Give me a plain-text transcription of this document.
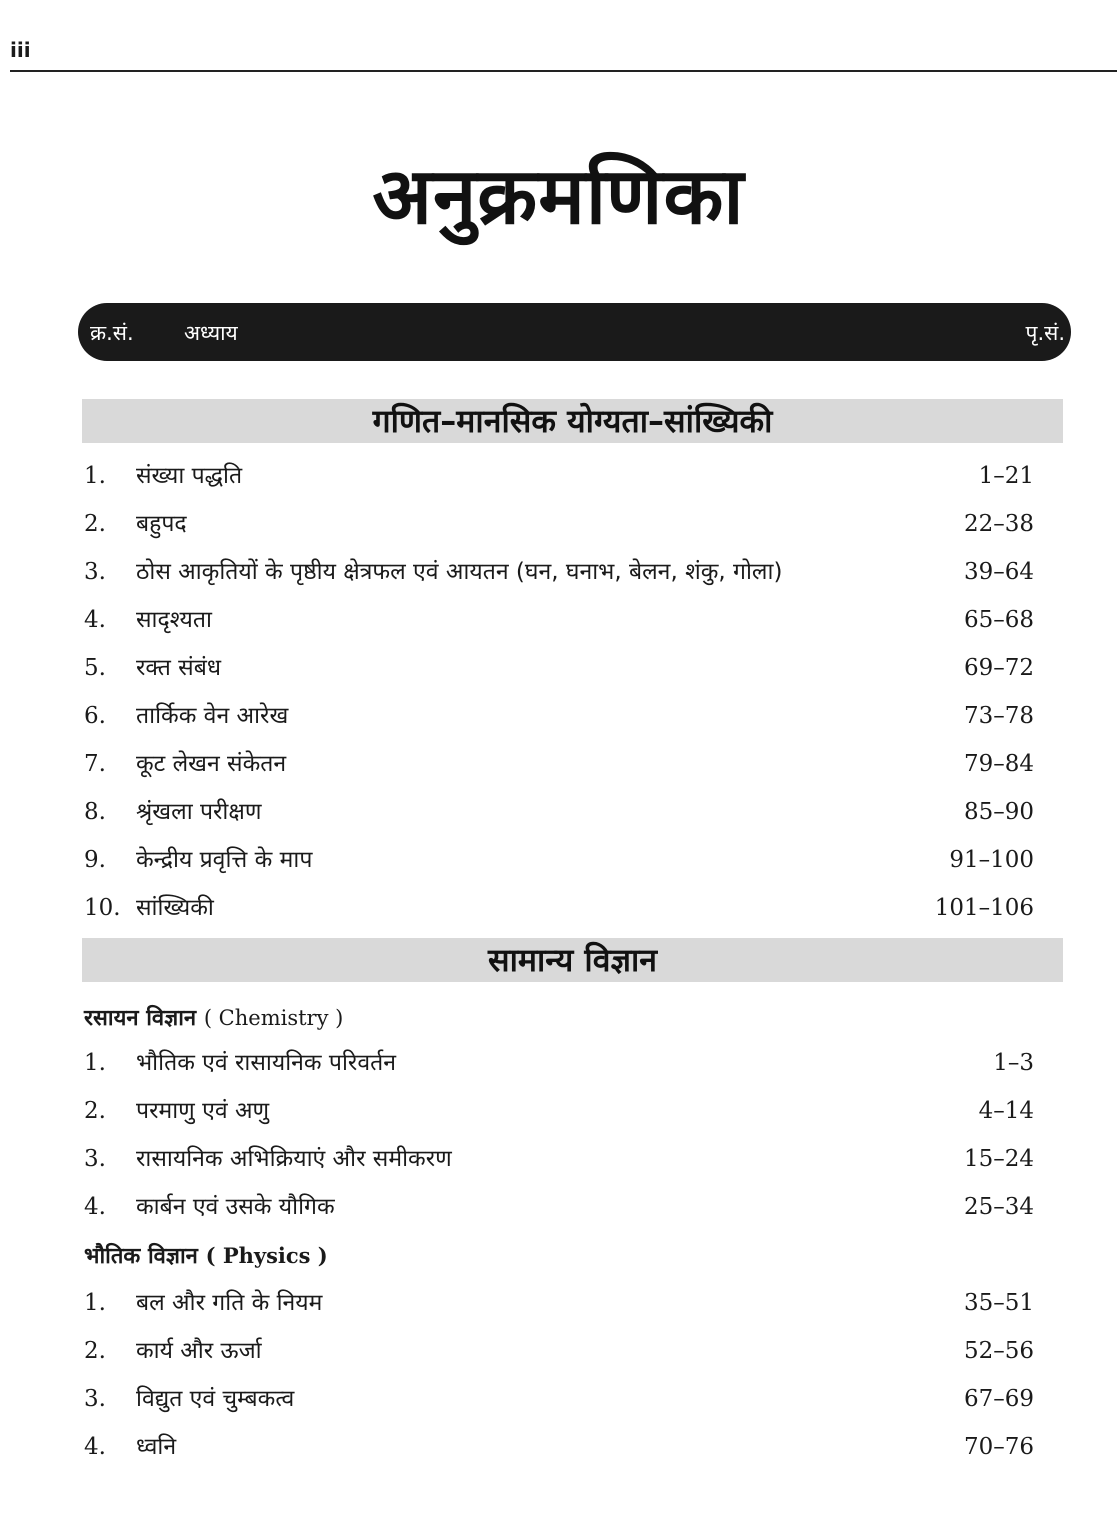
iii
अनुक्रमणिका
क्र.सं. अध्याय	पृ.सं.
गणित–मानसिक योग्यता–सांख्यिकी
1. संख्या पद्धति	1–21
2. बहुपद	22–38
3. ठोस आकृतियों के पृष्ठीय क्षेत्रफल एवं आयतन (घन, घनाभ, बेलन, शंकु, गोला)	39–64
4. सादृश्यता	65–68
5. रक्त संबंध	69–72
6. तार्किक वेन आरेख	73–78
7. कूट लेखन संकेतन	79–84
8. श्रृंखला परीक्षण	85–90
9. केन्द्रीय प्रवृत्ति के माप	91–100
10. सांख्यिकी	101–106
सामान्य विज्ञान
रसायन विज्ञान ( Chemistry )
1. भौतिक एवं रासायनिक परिवर्तन	1–3
2. परमाणु एवं अणु	4–14
3. रासायनिक अभिक्रियाएं और समीकरण	15–24
4. कार्बन एवं उसके यौगिक	25–34
भौतिक विज्ञान ( Physics )
1. बल और गति के नियम	35–51
2. कार्य और ऊर्जा	52–56
3. विद्युत एवं चुम्बकत्व	67–69
4. ध्वनि	70–76
